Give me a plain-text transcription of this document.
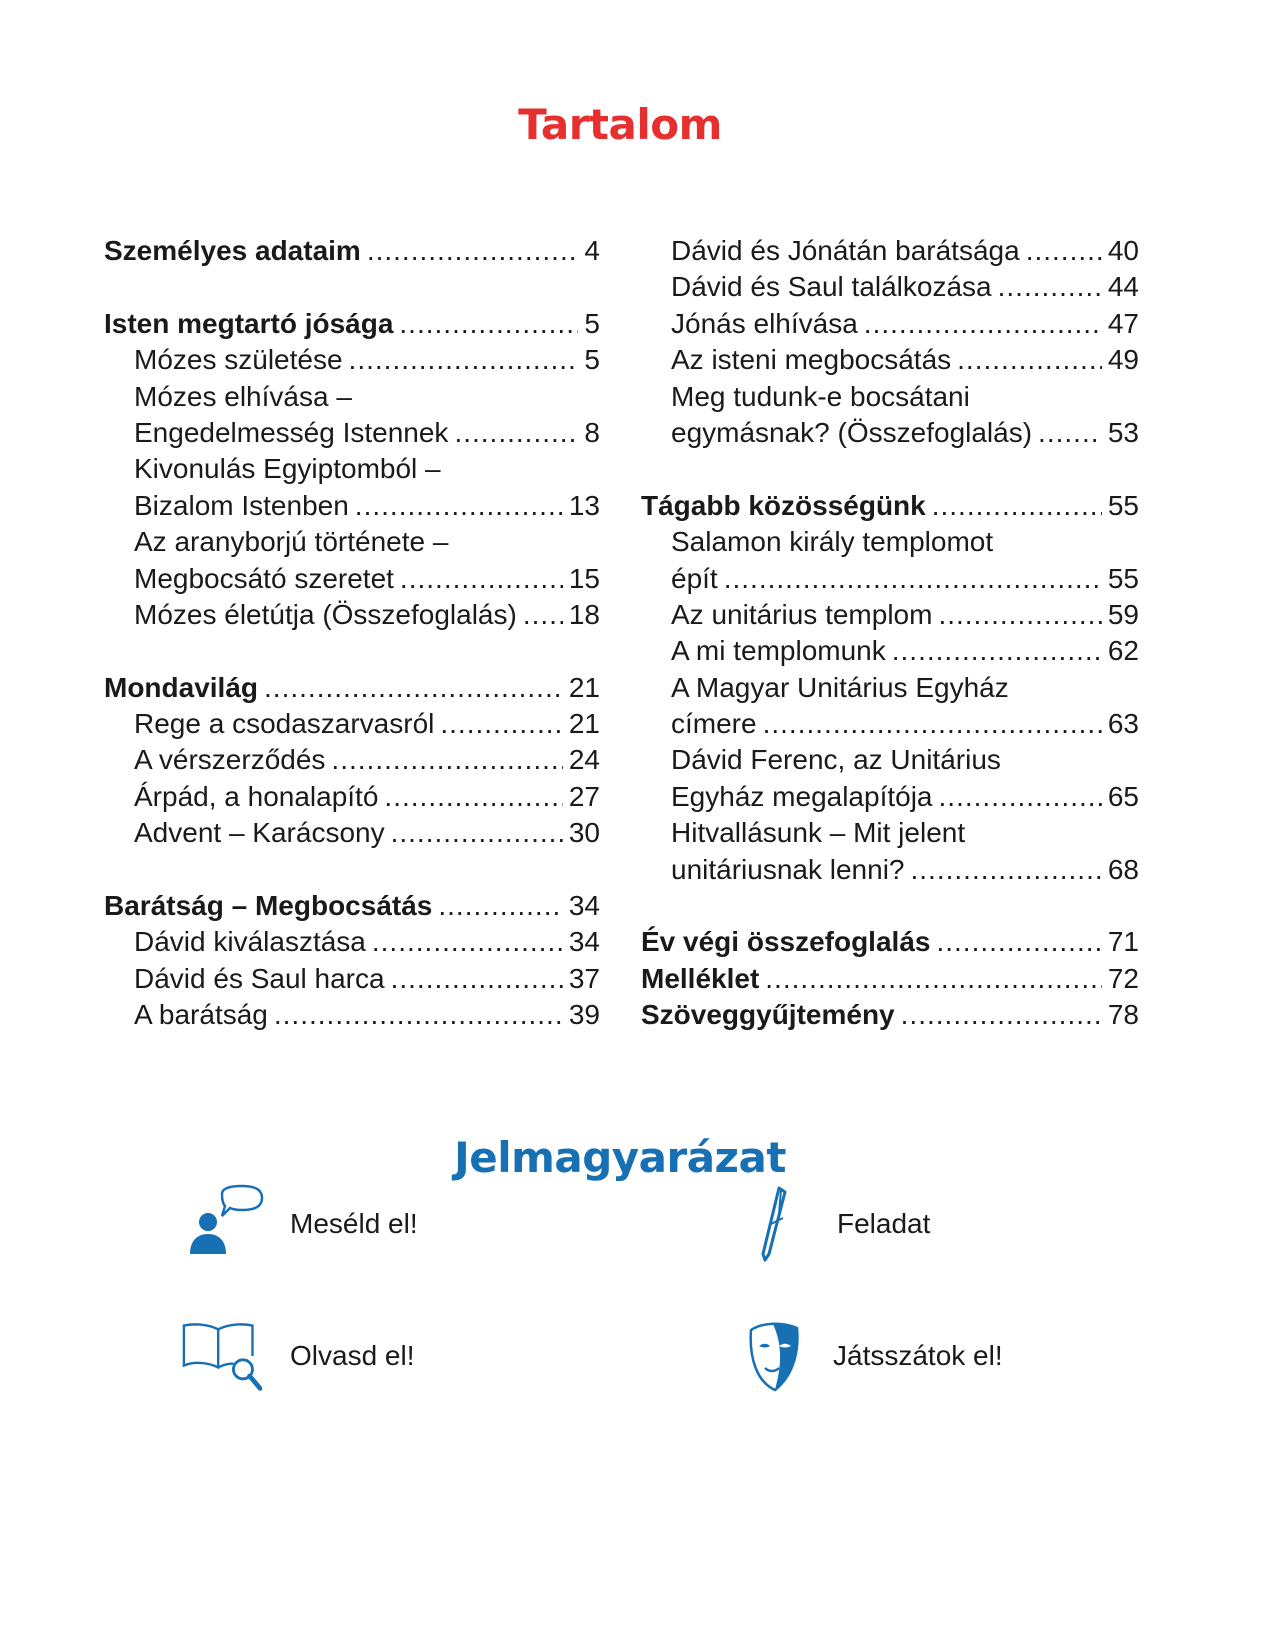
Tartalom
Személyes adataim .....	4
Isten megtartó jósága .....	5
Mózes születése .....	5
Mózes elhívása –
Engedelmesség Istennek .....	8
Kivonulás Egyiptomból –
Bizalom Istenben .....	13
Az aranyborjú története –
Megbocsátó szeretet .....	15
Mózes életútja (Összefoglalás) ..... 18
Mondavilág .....	21
Rege a csodaszarvasról .....	21
A vérszerződés .....	24
Árpád, a honalapító .....	27
Advent – Karácsony .....	30
Barátság – Megbocsátás .....	34
Dávid kiválasztása .....	34
Dávid és Saul harca .....	37
A barátság .....	39
Dávid és Jónátán barátsága .....	40
Dávid és Saul találkozása .....	44
Jónás elhívása .....	47
Az isteni megbocsátás .....	49
Meg tudunk-e bocsátani
egymásnak? (Összefoglalás) .....	53
Tágabb közösségünk .....	55
Salamon király templomot
épít .....	55
Az unitárius templom .....	59
A mi templomunk .....	62
A Magyar Unitárius Egyház
címere .....	63
Dávid Ferenc, az Unitárius
Egyház megalapítója .....	65
Hitvallásunk – Mit jelent
unitáriusnak lenni? .....	68
Év végi összefoglalás .....	71
Melléklet .....	72
Szöveggyűjtemény .....	78
Jelmagyarázat
Meséld el!	Feladat
Olvasd el!	Játsszátok el!
